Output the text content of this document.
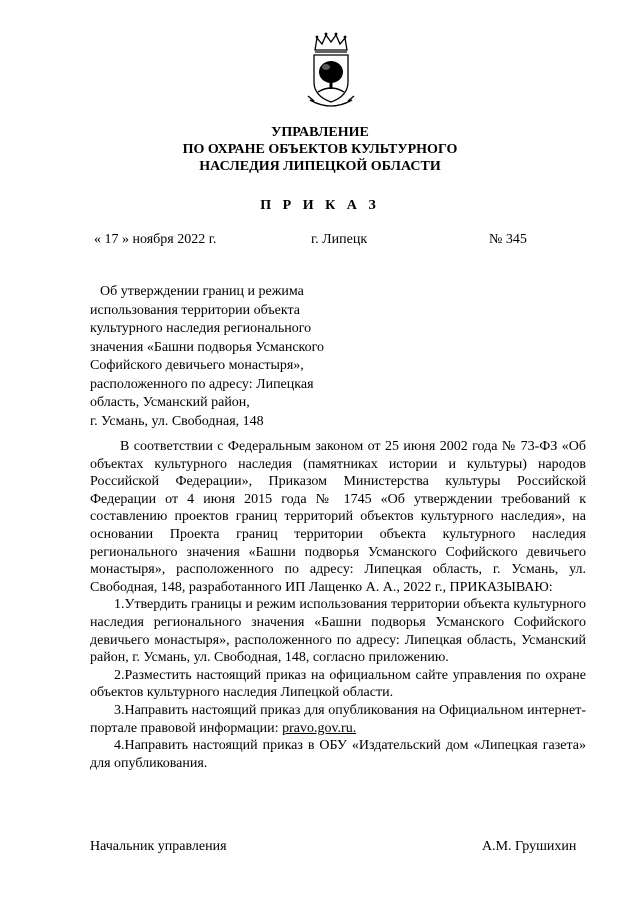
УПРАВЛЕНИЕ
ПО ОХРАНЕ ОБЪЕКТОВ КУЛЬТУРНОГО
НАСЛЕДИЯ ЛИПЕЦКОЙ ОБЛАСТИ
П Р И К А З
« 17 » ноября 2022 г.	г. Липецк	№ 345
Об утверждении границ и режима
использования территории объекта
культурного наследия регионального
значения «Башни подворья Усманского
Софийского девичьего монастыря»,
расположенного по адресу: Липецкая
область, Усманский район,
г. Усмань, ул. Свободная, 148

В соответствии с Федеральным законом от 25 июня 2002 года № 73-ФЗ «Об объектах культурного наследия (памятниках истории и культуры) народов Российской Федерации», Приказом Министерства культуры Российской Федерации от 4 июня 2015 года № 1745 «Об утверждении требований к составлению проектов границ территорий объектов культурного наследия», на основании Проекта границ территории объекта культурного наследия регионального значения «Башни подворья Усманского Софийского девичьего монастыря», расположенного по адресу: Липецкая область, г. Усмань, ул. Свободная, 148, разработанного ИП Лащенко А. А., 2022 г., ПРИКАЗЫВАЮ:

1.Утвердить границы и режим использования территории объекта культурного наследия регионального значения «Башни подворья Усманского Софийского девичьего монастыря», расположенного по адресу: Липецкая область, Усманский район, г. Усмань, ул. Свободная, 148, согласно приложению.

2.Разместить настоящий приказ на официальном сайте управления по охране объектов культурного наследия Липецкой области.

3.Направить настоящий приказ для опубликования на Официальном интернет-портале правовой информации: pravo.gov.ru.

4.Направить настоящий приказ в ОБУ «Издательский дом «Липецкая газета» для опубликования.

Начальник управления	А.М. Грушихин
